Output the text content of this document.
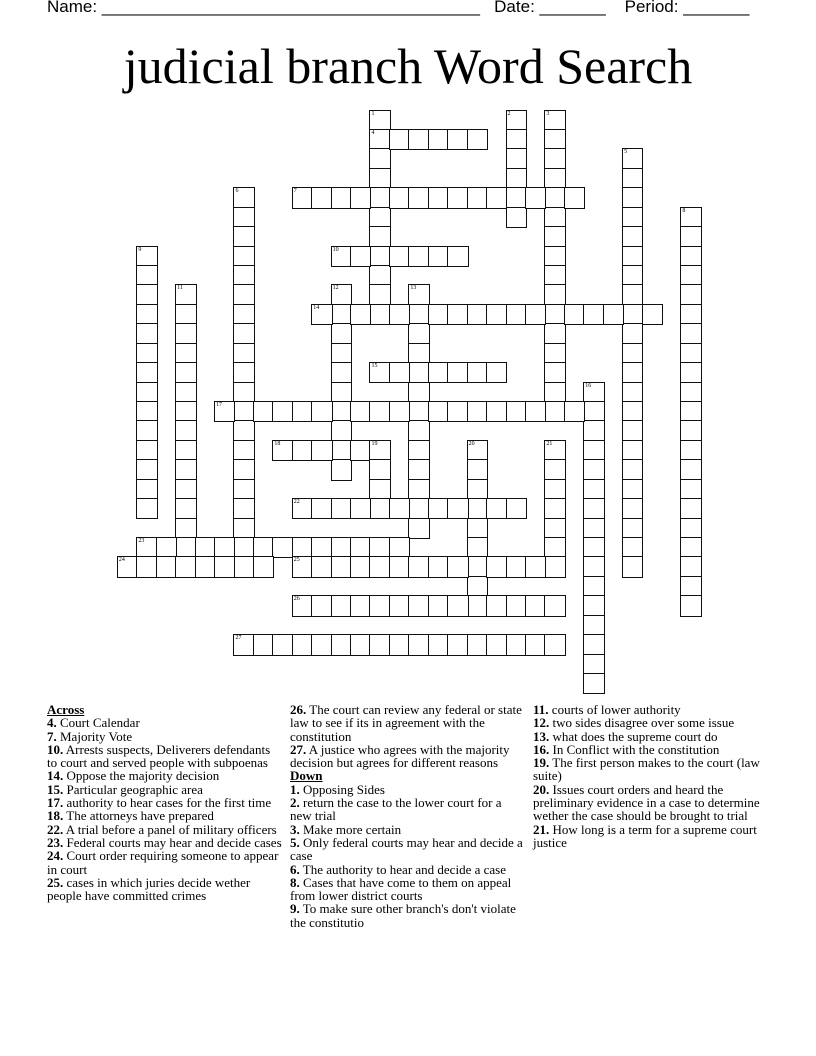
Name: ________________________________________ Date: _______ Period: _______
judicial branch Word Search
1
4
2	3
5
6	7
8
9	10
11	12	13
14
15
16
17
18	19	20	21
22
23
24	25
26
27
Across
4. Court Calendar
7. Majority Vote
10. Arrests suspects, Deliverers defendants to court and served people with subpoenas
14. Oppose the majority decision
15. Particular geographic area
17. authority to hear cases for the first time
18. The attorneys have prepared
22. A trial before a panel of military officers
23. Federal courts may hear and decide cases
24. Court order requiring someone to appear in court
25. cases in which juries decide wether people have committed crimes
26. The court can review any federal or state law to see if its in agreement with the constitution
27. A justice who agrees with the majority decision but agrees for different reasons
Down
1. Opposing Sides
2. return the case to the lower court for a new trial
3. Make more certain
5. Only federal courts may hear and decide a case
6. The authority to hear and decide a case
8. Cases that have come to them on appeal from lower district courts
9. To make sure other branch's don't violate the constitutio
11. courts of lower authority
12. two sides disagree over some issue
13. what does the supreme court do
16. In Conflict with the constitution
19. The first person makes to the court (law suite)
20. Issues court orders and heard the preliminary evidence in a case to determine wether the case should be brought to trial
21. How long is a term for a supreme court justice
